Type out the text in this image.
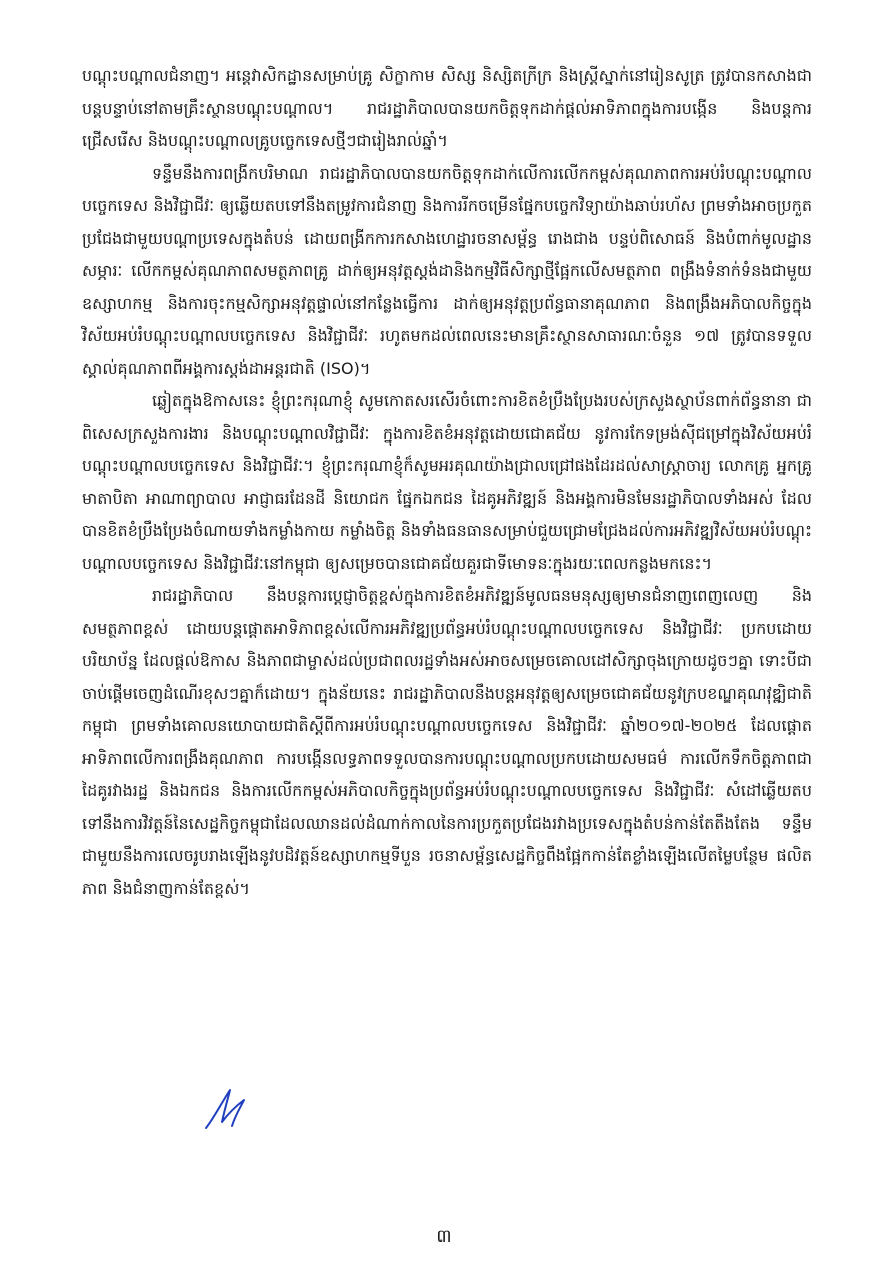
បណ្តុះបណ្តាលជំនាញ។ អន្តេវាសិកដ្ឋានសម្រាប់គ្រូ សិក្ខាកាម សិស្ស និស្សិតក្រីក្រ និងស្ត្រីស្នាក់នៅរៀនសូត្រ ត្រូវបានកសាងជាបន្តបន្ទាប់នៅតាមគ្រឹះស្ថានបណ្តុះបណ្តាល។ រាជរដ្ឋាភិបាលបានយកចិត្តទុកដាក់ផ្តល់អាទិភាពក្នុងការបង្កើន និងបន្តការជ្រើសរើស និងបណ្តុះបណ្តាលគ្រូបច្ចេកទេសថ្មីៗជារៀងរាល់ឆ្នាំ។

ទន្ទឹមនឹងការពង្រីកបរិមាណ រាជរដ្ឋាភិបាលបានយកចិត្តទុកដាក់លើការលើកកម្ពស់គុណភាពការអប់រំបណ្តុះបណ្តាលបច្ចេកទេស និងវិជ្ជាជីវៈ ឲ្យឆ្លើយតបទៅនឹងតម្រូវការជំនាញ និងការរីកចម្រើនផ្នែកបច្ចេកវិទ្យាយ៉ាងឆាប់រហ័ស ព្រមទាំងអាចប្រកួតប្រជែងជាមួយបណ្តាប្រទេសក្នុងតំបន់ ដោយពង្រីកការកសាងហេដ្ឋារចនាសម្ព័ន្ធ រោងជាង បន្ទប់ពិសោធន៍ និងបំពាក់មូលដ្ឋានសម្ភារៈ លើកកម្ពស់គុណភាពសមត្ថភាពគ្រូ ដាក់ឲ្យអនុវត្តស្តង់ដានិងកម្មវិធីសិក្សាថ្មីផ្អែកលើសមត្ថភាព ពង្រឹងទំនាក់ទំនងជាមួយឧស្សាហកម្ម និងការចុះកម្មសិក្សាអនុវត្តផ្ទាល់នៅកន្លែងធ្វើការ ដាក់ឲ្យអនុវត្តប្រព័ន្ធធានាគុណភាព និងពង្រឹងអភិបាលកិច្ចក្នុងវិស័យអប់រំបណ្តុះបណ្តាលបច្ចេកទេស និងវិជ្ជាជីវៈ រហូតមកដល់ពេលនេះមានគ្រឹះស្ថានសាធារណៈចំនួន ១៧ ត្រូវបានទទួលស្គាល់គុណភាពពីអង្គការស្តង់ដាអន្តរជាតិ (ISO)។

ឆ្លៀតក្នុងឱកាសនេះ ខ្ញុំព្រះករុណាខ្ញុំ សូមកោតសរសើរចំពោះការខិតខំប្រឹងប្រែងរបស់ក្រសួងស្ថាប័នពាក់ព័ន្ធនានា ជាពិសេសក្រសួងការងារ និងបណ្តុះបណ្តាលវិជ្ជាជីវៈ ក្នុងការខិតខំអនុវត្តដោយជោគជ័យ នូវការកែទម្រង់ស៊ីជម្រៅក្នុងវិស័យអប់រំបណ្តុះបណ្តាលបច្ចេកទេស និងវិជ្ជាជីវៈ។ ខ្ញុំព្រះករុណាខ្ញុំក៏សូមអរគុណយ៉ាងជ្រាលជ្រៅផងដែរដល់សាស្ត្រាចារ្យ លោកគ្រូ អ្នកគ្រូ មាតាបិតា អាណាព្យាបាល អាជ្ញាធរដែនដី និយោជក ផ្នែកឯកជន ដៃគូអភិវឌ្ឍន៍ និងអង្គការមិនមែនរដ្ឋាភិបាលទាំងអស់ ដែលបានខិតខំប្រឹងប្រែងចំណាយទាំងកម្លាំងកាយ កម្លាំងចិត្ត និងទាំងធនធានសម្រាប់ជួយជ្រោមជ្រែងដល់ការអភិវឌ្ឍវិស័យអប់រំបណ្តុះបណ្តាលបច្ចេកទេស និងវិជ្ជាជីវៈនៅកម្ពុជា ឲ្យសម្រេចបានជោគជ័យគួរជាទីមោទនៈក្នុងរយៈពេលកន្លងមកនេះ។

រាជរដ្ឋាភិបាល នឹងបន្តការប្តេជ្ញាចិត្តខ្ពស់ក្នុងការខិតខំអភិវឌ្ឍន៍មូលធនមនុស្សឲ្យមានជំនាញពេញលេញ និងសមត្ថភាពខ្ពស់ ដោយបន្តផ្តោតអាទិភាពខ្ពស់លើការអភិវឌ្ឍប្រព័ន្ធអប់រំបណ្តុះបណ្តាលបច្ចេកទេស និងវិជ្ជាជីវៈ ប្រកបដោយបរិយាប័ន្ន ដែលផ្តល់ឱកាស និងភាពជាម្ចាស់ដល់ប្រជាពលរដ្ឋទាំងអស់អាចសម្រេចគោលដៅសិក្សាចុងក្រោយដូចៗគ្នា ទោះបីជាចាប់ផ្តើមចេញដំណើរខុសៗគ្នាក៏ដោយ។ ក្នុងន័យនេះ រាជរដ្ឋាភិបាលនឹងបន្តអនុវត្តឲ្យសម្រេចជោគជ័យនូវក្របខណ្ឌគុណវុឌ្ឍិជាតិកម្ពុជា ព្រមទាំងគោលនយោបាយជាតិស្តីពីការអប់រំបណ្តុះបណ្តាលបច្ចេកទេស និងវិជ្ជាជីវៈ ឆ្នាំ២០១៧-២០២៥ ដែលផ្តោតអាទិភាពលើការពង្រឹងគុណភាព ការបង្កើនលទ្ធភាពទទួលបានការបណ្តុះបណ្តាលប្រកបដោយសមធម៌ ការលើកទឹកចិត្តភាពជាដៃគូរវាងរដ្ឋ និងឯកជន និងការលើកកម្ពស់អភិបាលកិច្ចក្នុងប្រព័ន្ធអប់រំបណ្តុះបណ្តាលបច្ចេកទេស និងវិជ្ជាជីវៈ សំដៅឆ្លើយតបទៅនឹងការវិវត្តន៍នៃសេដ្ឋកិច្ចកម្ពុជាដែលឈានដល់ដំណាក់កាលនៃការប្រកួតប្រជែងរវាងប្រទេសក្នុងតំបន់កាន់តែតឹងតែង ទន្ទឹមជាមួយនឹងការលេចរូបរាងឡើងនូវបដិវត្តន៍ឧស្សាហកម្មទីបួន រចនាសម្ព័ន្ធសេដ្ឋកិច្ចពឹងផ្អែកកាន់តែខ្លាំងឡើងលើតម្លៃបន្ថែម ផលិតភាព និងជំនាញកាន់តែខ្ពស់។

៣
